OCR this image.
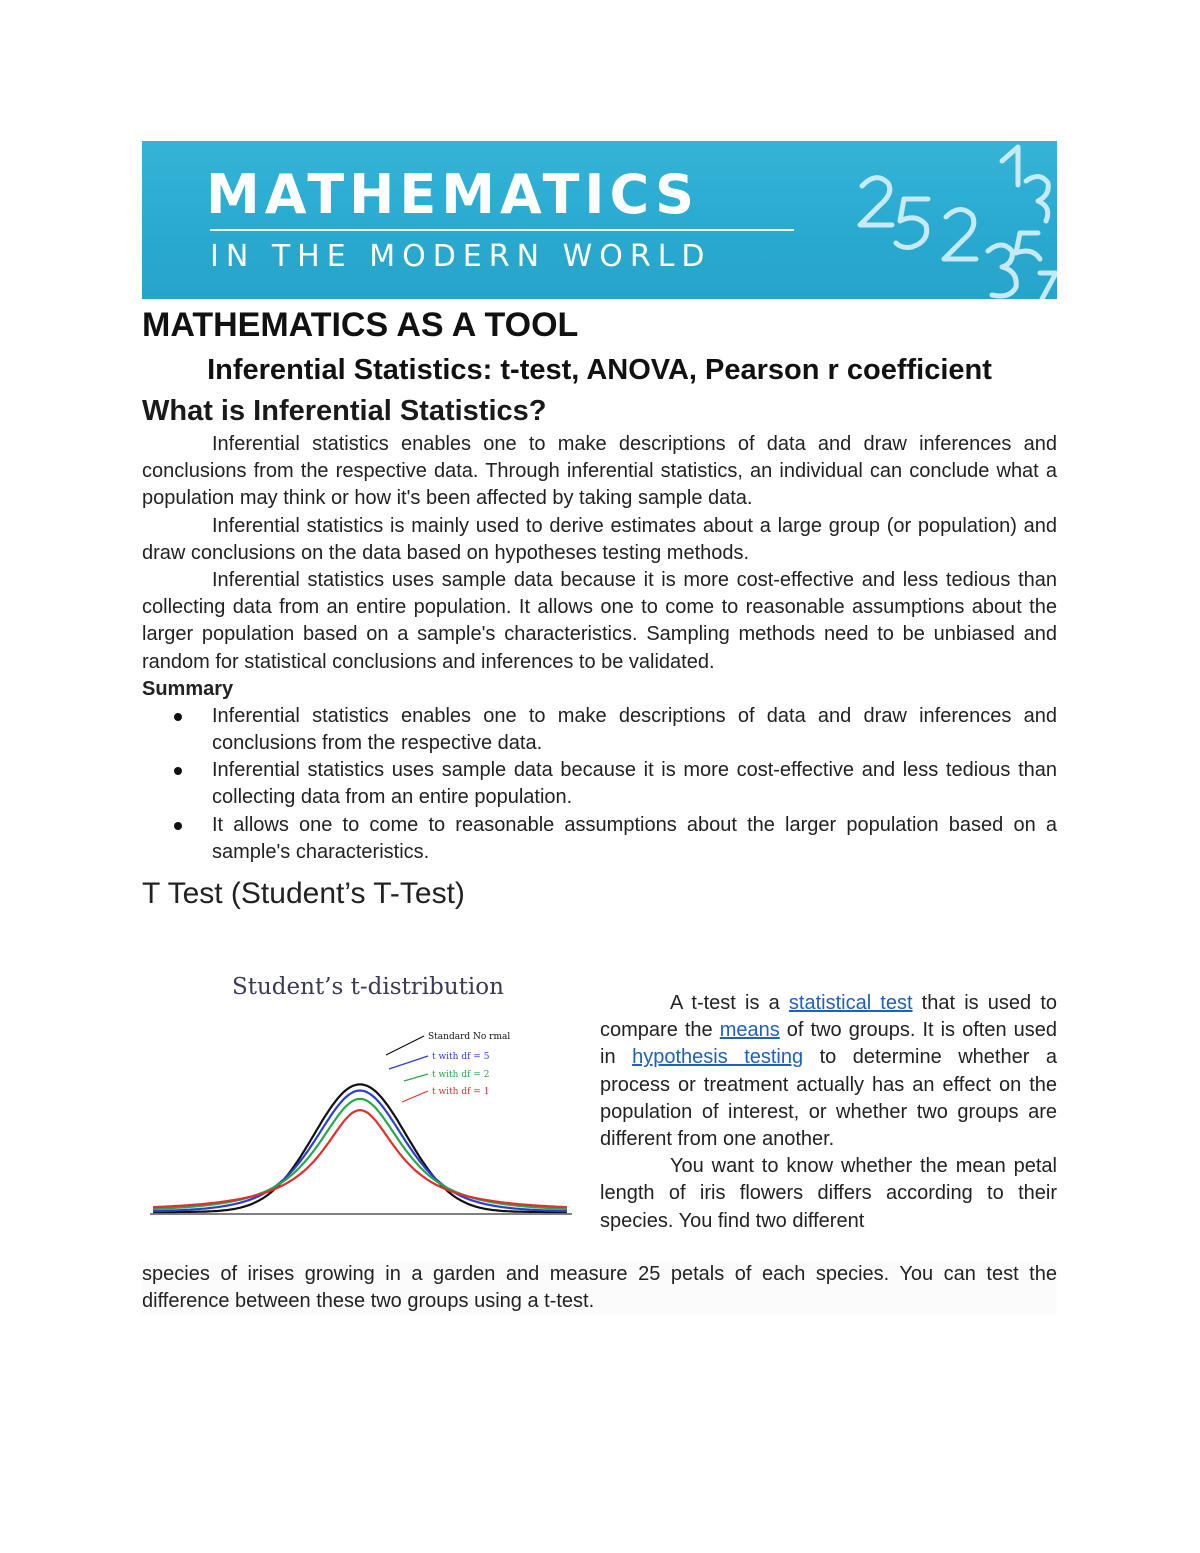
MATHEMATICS
IN THE MODERN WORLD
MATHEMATICS AS A TOOL
Inferential Statistics: t-test, ANOVA, Pearson r coefficient
What is Inferential Statistics?

Inferential statistics enables one to make descriptions of data and draw inferences and conclusions from the respective data. Through inferential statistics, an individual can conclude what a population may think or how it's been affected by taking sample data.

Inferential statistics is mainly used to derive estimates about a large group (or population) and draw conclusions on the data based on hypotheses testing methods.

Inferential statistics uses sample data because it is more cost-effective and less tedious than collecting data from an entire population. It allows one to come to reasonable assumptions about the larger population based on a sample's characteristics. Sampling methods need to be unbiased and random for statistical conclusions and inferences to be validated.

Summary
Inferential statistics enables one to make descriptions of data and draw inferences and conclusions from the respective data.
Inferential statistics uses sample data because it is more cost-effective and less tedious than collecting data from an entire population.
It allows one to come to reasonable assumptions about the larger population based on a sample's characteristics.
T Test (Student’s T-Test)
Student’s t-distribution
Standard No rmal
t with df = 5
t with df = 2
t with df = 1

A t-test is a statistical test that is used to compare the means of two groups. It is often used in hypothesis testing to determine whether a process or treatment actually has an effect on the population of interest, or whether two groups are different from one another.

You want to know whether the mean petal length of iris flowers differs according to their species. You find two different

species of irises growing in a garden and measure 25 petals of each species. You can test the difference between these two groups using a t-test.
